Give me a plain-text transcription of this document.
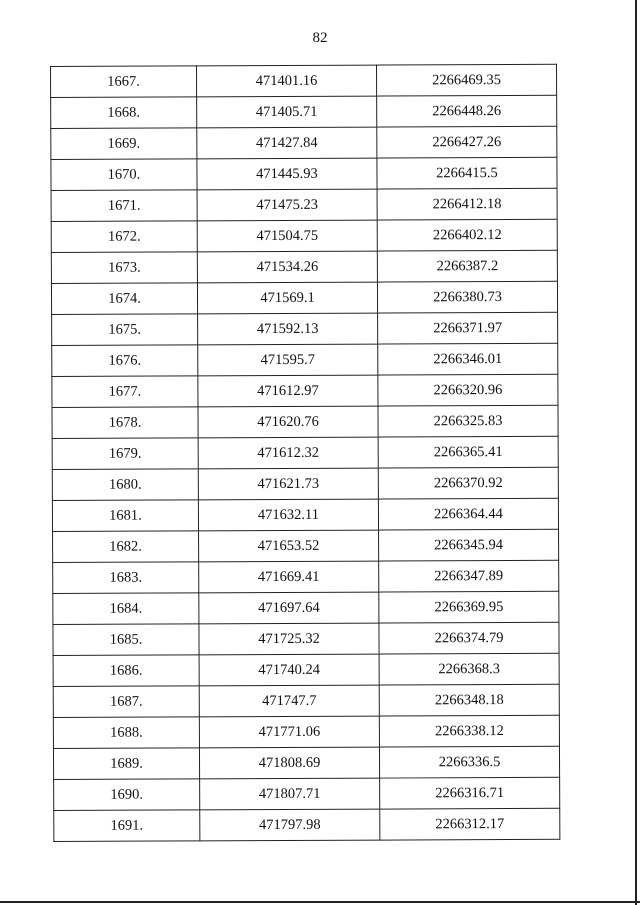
82
1667.	471401.16	2266469.35
1668.	471405.71	2266448.26
1669.	471427.84	2266427.26
1670.	471445.93	2266415.5
1671.	471475.23	2266412.18
1672.	471504.75	2266402.12
1673.	471534.26	2266387.2
1674.	471569.1	2266380.73
1675.	471592.13	2266371.97
1676.	471595.7	2266346.01
1677.	471612.97	2266320.96
1678.	471620.76	2266325.83
1679.	471612.32	2266365.41
1680.	471621.73	2266370.92
1681.	471632.11	2266364.44
1682.	471653.52	2266345.94
1683.	471669.41	2266347.89
1684.	471697.64	2266369.95
1685.	471725.32	2266374.79
1686.	471740.24	2266368.3
1687.	471747.7	2266348.18
1688.	471771.06	2266338.12
1689.	471808.69	2266336.5
1690.	471807.71	2266316.71
1691.	471797.98	2266312.17
